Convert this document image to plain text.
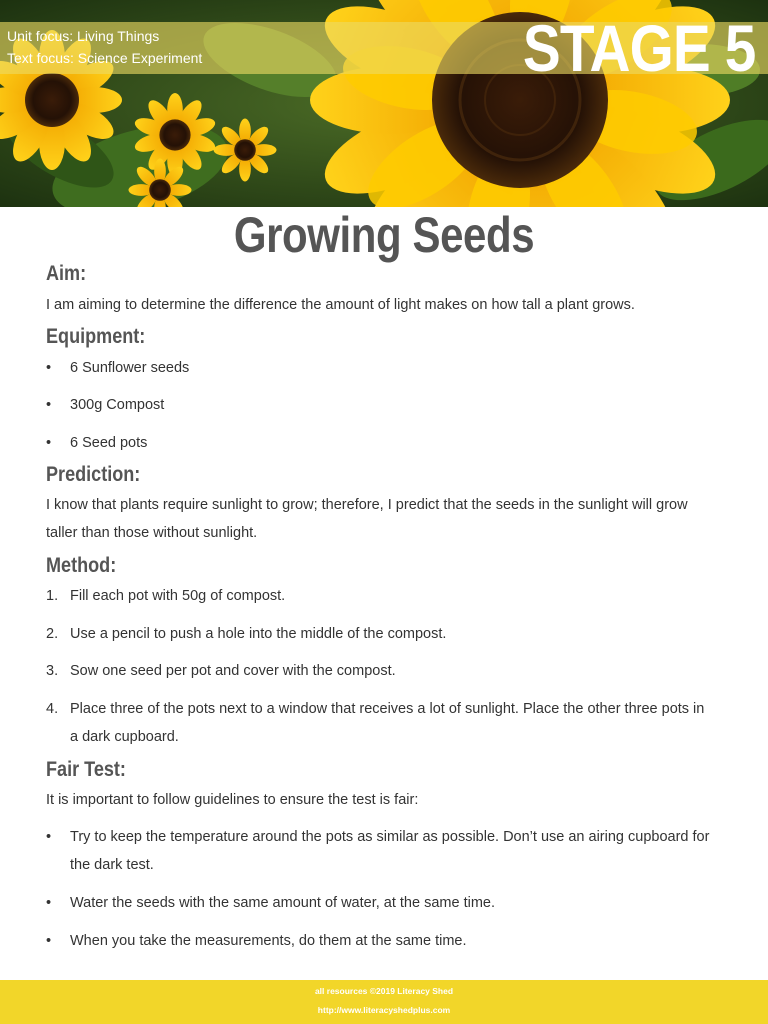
Unit focus: Living Things
Text focus: Science Experiment	STAGE 5
Growing Seeds
Aim:
I am aiming to determine the difference the amount of light makes on how tall a plant grows.
Equipment:
•	6 Sunflower seeds
•	300g Compost
•	6 Seed pots
Prediction:
I know that plants require sunlight to grow; therefore, I predict that the seeds in the sunlight will grow taller than those without sunlight.
Method:
1. Fill each pot with 50g of compost.
2. Use a pencil to push a hole into the middle of the compost.
3. Sow one seed per pot and cover with the compost.
4. Place three of the pots next to a window that receives a lot of sunlight. Place the other three pots in a dark cupboard.
Fair Test:
It is important to follow guidelines to ensure the test is fair:
•	Try to keep the temperature around the pots as similar as possible. Don’t use an airing cupboard for the dark test.
•	Water the seeds with the same amount of water, at the same time.
•	When you take the measurements, do them at the same time.
all resources ©2019 Literacy Shed
http://www.literacyshedplus.com
